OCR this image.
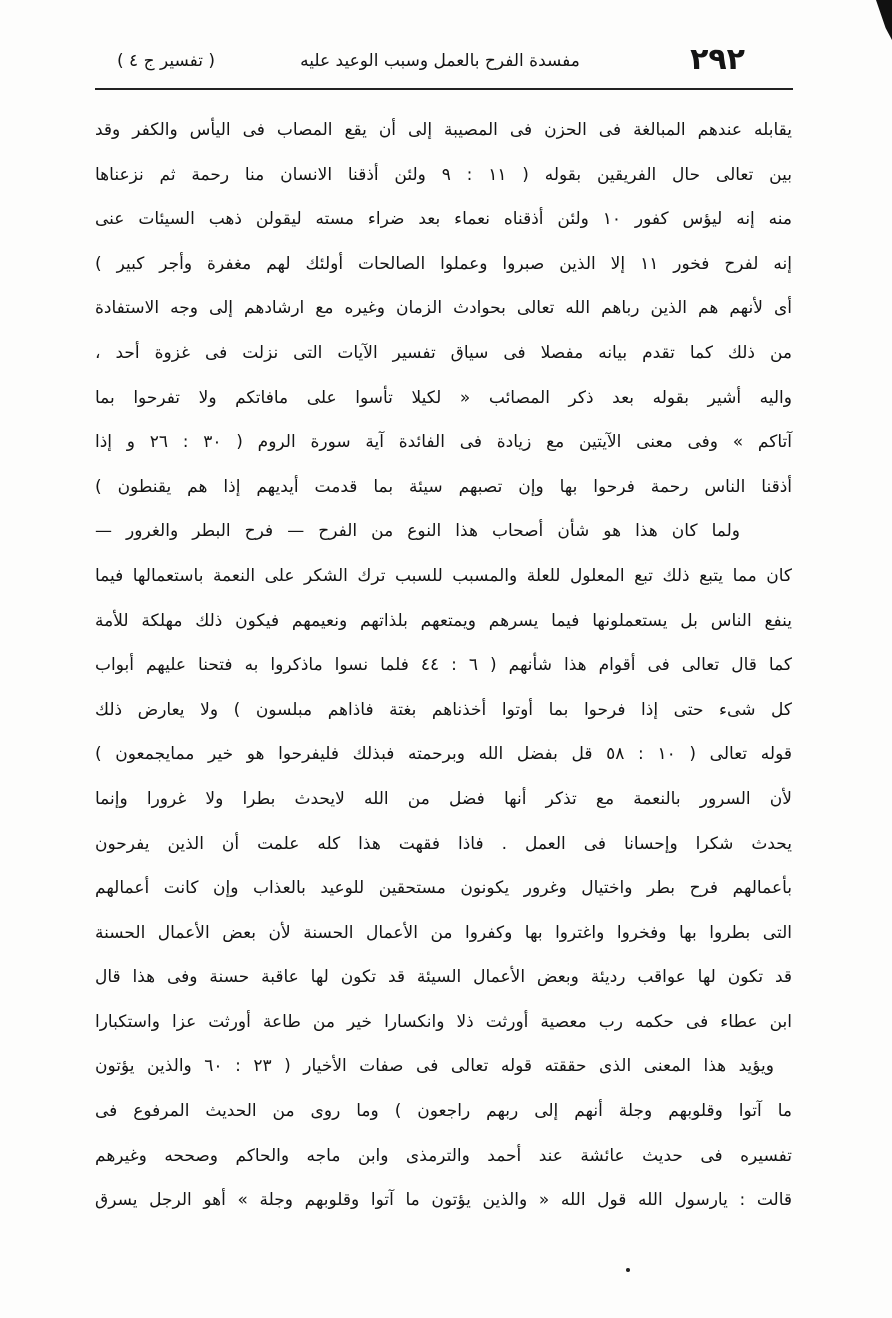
٢٩٢
مفسدة الفرح بالعمل وسبب الوعيد عليه
( تفسير ج ٤ )
يقابله عندهم المبالغة فى الحزن فى المصيبة إلى أن يقع المصاب فى اليأس والكفر وقد
بين تعالى حال الفريقين بقوله ( ١١ : ٩ ولئن أذقنا الانسان منا رحمة ثم نزعناها
منه إنه ليؤس كفور ١٠ ولئن أذقناه نعماء بعد ضراء مسته ليقولن ذهب السيئات عنى
إنه لفرح فخور ١١ إلا الذين صبروا وعملوا الصالحات أولئك لهم مغفرة وأجر كبير )
أى لأنهم هم الذين رباهم الله تعالى بحوادث الزمان وغيره مع ارشادهم إلى وجه الاستفادة
من ذلك كما تقدم بيانه مفصلا فى سياق تفسير الآيات التى نزلت فى غزوة أحد ،
واليه أشير بقوله بعد ذكر المصائب « لكيلا تأسوا على مافاتكم ولا تفرحوا بما
آتاكم » وفى معنى الآيتين مع زيادة فى الفائدة آية سورة الروم ( ٣٠ : ٢٦ و إذا
أذقنا الناس رحمة فرحوا بها وإن تصبهم سيئة بما قدمت أيديهم إذا هم يقنطون )
ولما كان هذا هو شأن أصحاب هذا النوع من الفرح — فرح البطر والغرور —
كان مما يتبع ذلك تبع المعلول للعلة والمسبب للسبب ترك الشكر على النعمة باستعمالها فيما
ينفع الناس بل يستعملونها فيما يسرهم ويمتعهم بلذاتهم ونعيمهم فيكون ذلك مهلكة للأمة
كما قال تعالى فى أقوام هذا شأنهم ( ٦ : ٤٤ فلما نسوا ماذكروا به فتحنا عليهم أبواب
كل شىء حتى إذا فرحوا بما أوتوا أخذناهم بغتة فاذاهم مبلسون ) ولا يعارض ذلك
قوله تعالى ( ١٠ : ٥٨ قل بفضل الله وبرحمته فبذلك فليفرحوا هو خير ممايجمعون )
لأن السرور بالنعمة مع تذكر أنها فضل من الله لايحدث بطرا ولا غرورا وإنما
يحدث شكرا وإحسانا فى العمل . فاذا فقهت هذا كله علمت أن الذين يفرحون
بأعمالهم فرح بطر واختيال وغرور يكونون مستحقين للوعيد بالعذاب وإن كانت أعمالهم
التى بطروا بها وفخروا واغتروا بها وكفروا من الأعمال الحسنة لأن بعض الأعمال الحسنة
قد تكون لها عواقب رديئة وبعض الأعمال السيئة قد تكون لها عاقبة حسنة وفى هذا قال
ابن عطاء فى حكمه رب معصية أورثت ذلا وانكسارا خير من طاعة أورثت عزا واستكبارا
ويؤيد هذا المعنى الذى حققته قوله تعالى فى صفات الأخيار ( ٢٣ : ٦٠ والذين يؤتون
ما آتوا وقلوبهم وجلة أنهم إلى ربهم راجعون ) وما روى من الحديث المرفوع فى
تفسيره فى حديث عائشة عند أحمد والترمذى وابن ماجه والحاكم وصححه وغيرهم
قالت : يارسول الله قول الله « والذين يؤتون ما آتوا وقلوبهم وجلة » أهو الرجل يسرق
